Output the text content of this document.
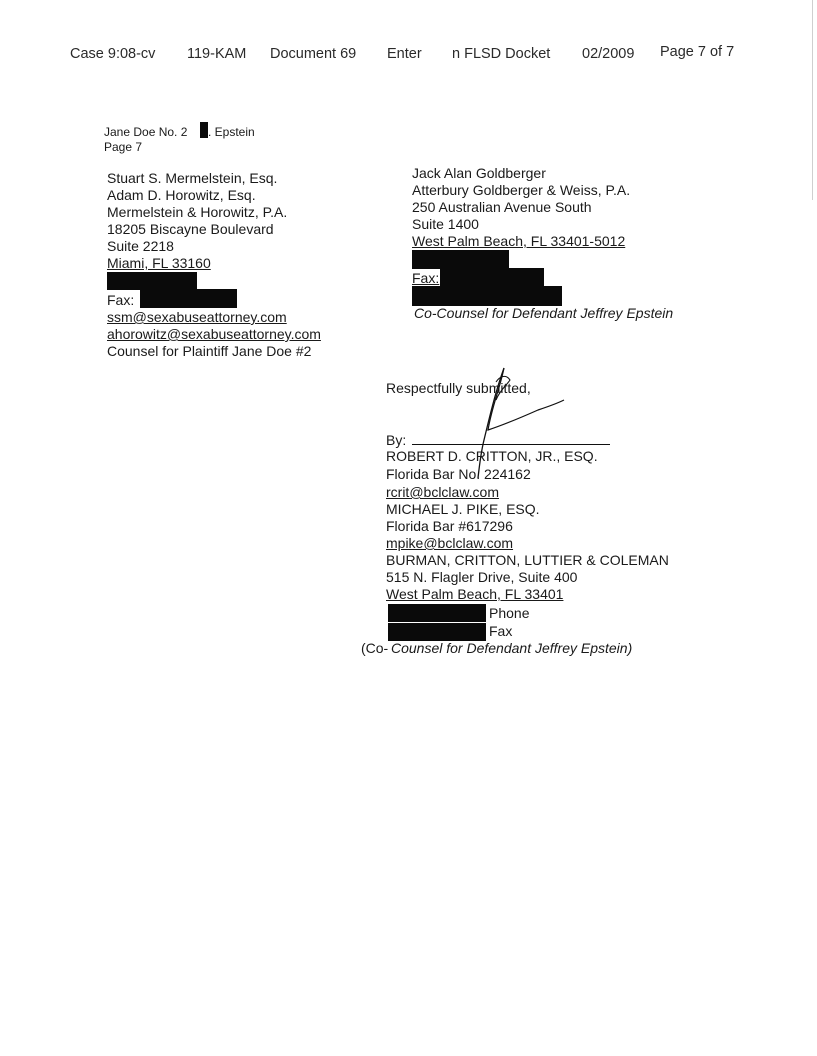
Case 9:08-cv 119-KAM Document 69 Enter n FLSD Docket 02/2009 Page 7 of 7
Jane Doe No. 2 . Epstein
Page 7
Stuart S. Mermelstein, Esq.
Adam D. Horowitz, Esq.
Mermelstein & Horowitz, P.A.
18205 Biscayne Boulevard
Suite 2218
Miami, FL 33160
Fax:
ssm@sexabuseattorney.com
ahorowitz@sexabuseattorney.com
Counsel for Plaintiff Jane Doe #2
Jack Alan Goldberger
Atterbury Goldberger & Weiss, P.A.
250 Australian Avenue South
Suite 1400
West Palm Beach, FL 33401-5012
Fax:
Co-Counsel for Defendant Jeffrey Epstein
Respectfully submitted,
By:
ROBERT D. CRITTON, JR., ESQ.
Florida Bar No. 224162
rcrit@bclclaw.com
MICHAEL J. PIKE, ESQ.
Florida Bar #617296
mpike@bclclaw.com
BURMAN, CRITTON, LUTTIER & COLEMAN
515 N. Flagler Drive, Suite 400
West Palm Beach, FL 33401
Phone
Fax
(Co- Counsel for Defendant Jeffrey Epstein)
